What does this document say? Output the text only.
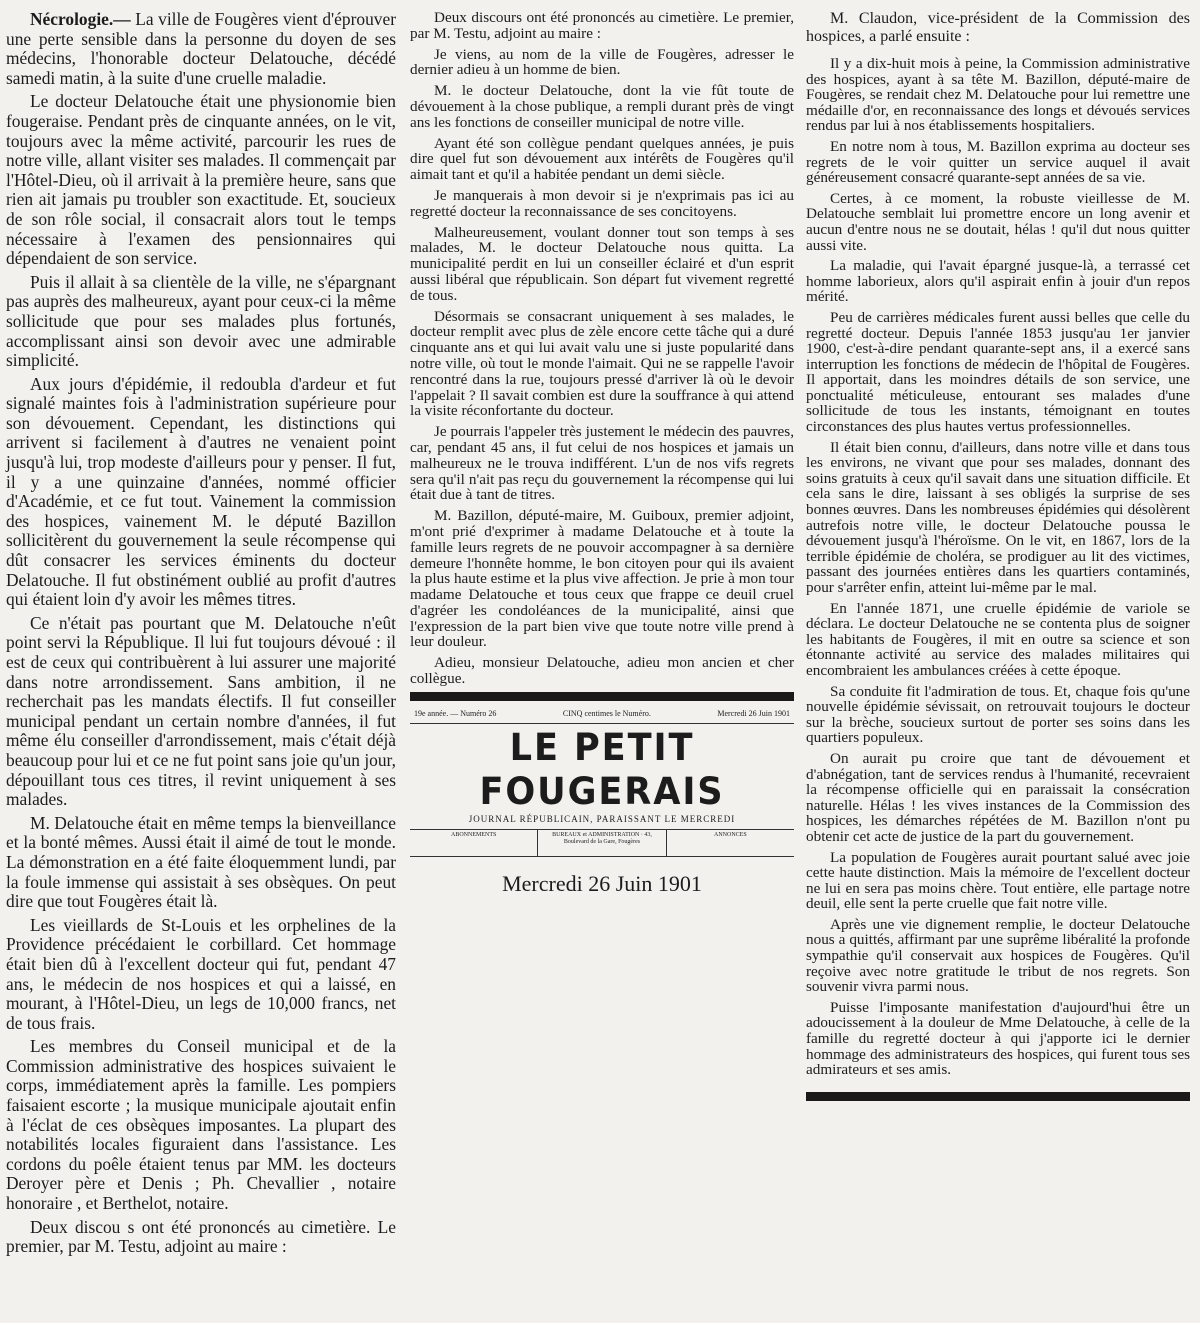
Nécrologie.— La ville de Fougères vient d'éprouver une perte sensible dans la personne du doyen de ses médecins, l'honorable docteur Delatouche, décédé samedi matin, à la suite d'une cruelle maladie.

Le docteur Delatouche était une physionomie bien fougeraise. Pendant près de cinquante années, on le vit, toujours avec la même activité, parcourir les rues de notre ville, allant visiter ses malades. Il commençait par l'Hôtel-Dieu, où il arrivait à la première heure, sans que rien ait jamais pu troubler son exactitude. Et, soucieux de son rôle social, il consacrait alors tout le temps nécessaire à l'examen des pensionnaires qui dépendaient de son service.

Puis il allait à sa clientèle de la ville, ne s'épargnant pas auprès des malheureux, ayant pour ceux-ci la même sollicitude que pour ses malades plus fortunés, accomplissant ainsi son devoir avec une admirable simplicité.

Aux jours d'épidémie, il redoubla d'ardeur et fut signalé maintes fois à l'administration supérieure pour son dévouement. Cependant, les distinctions qui arrivent si facilement à d'autres ne venaient point jusqu'à lui, trop modeste d'ailleurs pour y penser. Il fut, il y a une quinzaine d'années, nommé officier d'Académie, et ce fut tout. Vainement la commission des hospices, vainement M. le député Bazillon sollicitèrent du gouvernement la seule récompense qui dût consacrer les services éminents du docteur Delatouche. Il fut obstinément oublié au profit d'autres qui étaient loin d'y avoir les mêmes titres.

Ce n'était pas pourtant que M. Delatouche n'eût point servi la République. Il lui fut toujours dévoué : il est de ceux qui contribuèrent à lui assurer une majorité dans notre arrondissement. Sans ambition, il ne recherchait pas les mandats électifs. Il fut conseiller municipal pendant un certain nombre d'années, il fut même élu conseiller d'arrondissement, mais c'était déjà beaucoup pour lui et ce ne fut point sans joie qu'un jour, dépouillant tous ces titres, il revint uniquement à ses malades.

M. Delatouche était en même temps la bienveillance et la bonté mêmes. Aussi était il aimé de tout le monde. La démonstration en a été faite éloquemment lundi, par la foule immense qui assistait à ses obsèques. On peut dire que tout Fougères était là.

Les vieillards de St-Louis et les orphelines de la Providence précédaient le corbillard. Cet hommage était bien dû à l'excellent docteur qui fut, pendant 47 ans, le médecin de nos hospices et qui a laissé, en mourant, à l'Hôtel-Dieu, un legs de 10,000 francs, net de tous frais.

Les membres du Conseil municipal et de la Commission administrative des hospices suivaient le corps, immédiatement après la famille. Les pompiers faisaient escorte ; la musique municipale ajoutait enfin à l'éclat de ces obsèques imposantes. La plupart des notabilités locales figuraient dans l'assistance. Les cordons du poêle étaient tenus par MM. les docteurs Deroyer père et Denis ; Ph. Chevallier , notaire honoraire , et Berthelot, notaire.

Deux discou s ont été prononcés au cimetière. Le premier, par M. Testu, adjoint au maire :

Deux discours ont été prononcés au cimetière. Le premier, par M. Testu, adjoint au maire :

Je viens, au nom de la ville de Fougères, adresser le dernier adieu à un homme de bien.

M. le docteur Delatouche, dont la vie fût toute de dévouement à la chose publique, a rempli durant près de vingt ans les fonctions de conseiller municipal de notre ville.

Ayant été son collègue pendant quelques années, je puis dire quel fut son dévouement aux intérêts de Fougères qu'il aimait tant et qu'il a habitée pendant un demi siècle.

Je manquerais à mon devoir si je n'exprimais pas ici au regretté docteur la reconnaissance de ses concitoyens.

Malheureusement, voulant donner tout son temps à ses malades, M. le docteur Delatouche nous quitta. La municipalité perdit en lui un conseiller éclairé et d'un esprit aussi libéral que républicain. Son départ fut vivement regretté de tous.

Désormais se consacrant uniquement à ses malades, le docteur remplit avec plus de zèle encore cette tâche qui a duré cinquante ans et qui lui avait valu une si juste popularité dans notre ville, où tout le monde l'aimait. Qui ne se rappelle l'avoir rencontré dans la rue, toujours pressé d'arriver là où le devoir l'appelait ? Il savait combien est dure la souffrance à qui attend la visite réconfortante du docteur.

Je pourrais l'appeler très justement le médecin des pauvres, car, pendant 45 ans, il fut celui de nos hospices et jamais un malheureux ne le trouva indifférent. L'un de nos vifs regrets sera qu'il n'ait pas reçu du gouvernement la récompense qui lui était due à tant de titres.

M. Bazillon, député-maire, M. Guiboux, premier adjoint, m'ont prié d'exprimer à madame Delatouche et à toute la famille leurs regrets de ne pouvoir accompagner à sa dernière demeure l'honnête homme, le bon citoyen pour qui ils avaient la plus haute estime et la plus vive affection. Je prie à mon tour madame Delatouche et tous ceux que frappe ce deuil cruel d'agréer les condoléances de la municipalité, ainsi que l'expression de la part bien vive que toute notre ville prend à leur douleur.

Adieu, monsieur Delatouche, adieu mon ancien et cher collègue.

19e année. — Numéro 26	CINQ centimes le Numéro.	Mercredi 26 Juin 1901
LE PETIT FOUGERAIS
JOURNAL RÉPUBLICAIN, PARAISSANT LE MERCREDI
ABONNEMENTS	BUREAUX et ADMINISTRATION · 43, Boulevard de la Gare, Fougères
ANNONCES
Mercredi 26 Juin 1901

M. Claudon, vice-président de la Commission des hospices, a parlé ensuite :

Il y a dix-huit mois à peine, la Commission administrative des hospices, ayant à sa tête M. Bazillon, député-maire de Fougères, se rendait chez M. Delatouche pour lui remettre une médaille d'or, en reconnaissance des longs et dévoués services rendus par lui à nos établissements hospitaliers.

En notre nom à tous, M. Bazillon exprima au docteur ses regrets de le voir quitter un service auquel il avait généreusement consacré quarante-sept années de sa vie.

Certes, à ce moment, la robuste vieillesse de M. Delatouche semblait lui promettre encore un long avenir et aucun d'entre nous ne se doutait, hélas ! qu'il dut nous quitter aussi vite.

La maladie, qui l'avait épargné jusque-là, a terrassé cet homme laborieux, alors qu'il aspirait enfin à jouir d'un repos mérité.

Peu de carrières médicales furent aussi belles que celle du regretté docteur. Depuis l'année 1853 jusqu'au 1er janvier 1900, c'est-à-dire pendant quarante-sept ans, il a exercé sans interruption les fonctions de médecin de l'hôpital de Fougères. Il apportait, dans les moindres détails de son service, une ponctualité méticuleuse, entourant ses malades d'une sollicitude de tous les instants, témoignant en toutes circonstances des plus hautes vertus professionnelles.

Il était bien connu, d'ailleurs, dans notre ville et dans tous les environs, ne vivant que pour ses malades, donnant des soins gratuits à ceux qu'il savait dans une situation difficile. Et cela sans le dire, laissant à ses obligés la surprise de ses bonnes œuvres. Dans les nombreuses épidémies qui désolèrent autrefois notre ville, le docteur Delatouche poussa le dévouement jusqu'à l'héroïsme. On le vit, en 1867, lors de la terrible épidémie de choléra, se prodiguer au lit des victimes, passant des journées entières dans les quartiers contaminés, pour s'arrêter enfin, atteint lui-même par le mal.

En l'année 1871, une cruelle épidémie de variole se déclara. Le docteur Delatouche ne se contenta plus de soigner les habitants de Fougères, il mit en outre sa science et son étonnante activité au service des malades militaires qui encombraient les ambulances créées à cette époque.

Sa conduite fit l'admiration de tous. Et, chaque fois qu'une nouvelle épidémie sévissait, on retrouvait toujours le docteur sur la brèche, soucieux surtout de porter ses soins dans les quartiers populeux.

On aurait pu croire que tant de dévouement et d'abnégation, tant de services rendus à l'humanité, recevraient la récompense officielle qui en paraissait la consécration naturelle. Hélas ! les vives instances de la Commission des hospices, les démarches répétées de M. Bazillon n'ont pu obtenir cet acte de justice de la part du gouvernement.

La population de Fougères aurait pourtant salué avec joie cette haute distinction. Mais la mémoire de l'excellent docteur ne lui en sera pas moins chère. Tout entière, elle partage notre deuil, elle sent la perte cruelle que fait notre ville.

Après une vie dignement remplie, le docteur Delatouche nous a quittés, affirmant par une suprême libéralité la profonde sympathie qu'il conservait aux hospices de Fougères. Qu'il reçoive avec notre gratitude le tribut de nos regrets. Son souvenir vivra parmi nous.

Puisse l'imposante manifestation d'aujourd'hui être un adoucissement à la douleur de Mme Delatouche, à celle de la famille du regretté docteur à qui j'apporte ici le dernier hommage des administrateurs des hospices, qui furent tous ses admirateurs et ses amis.
